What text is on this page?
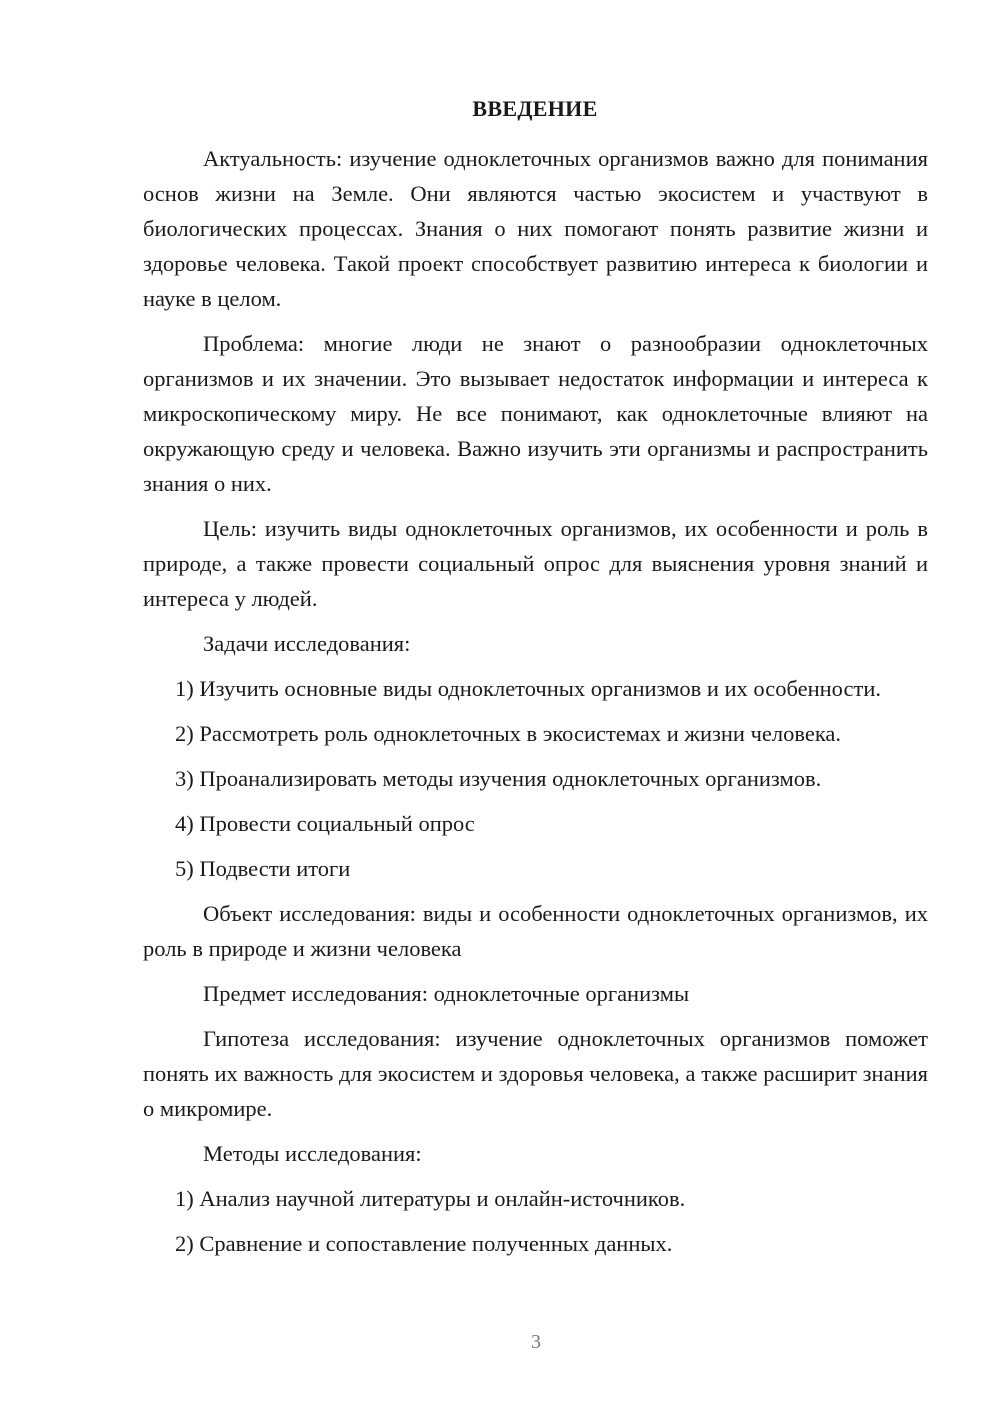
ВВЕДЕНИЕ

Актуальность: изучение одноклеточных организмов важно для понимания основ жизни на Земле. Они являются частью экосистем и участвуют в биологических процессах. Знания о них помогают понять развитие жизни и здоровье человека. Такой проект способствует развитию интереса к биологии и науке в целом.

Проблема: многие люди не знают о разнообразии одноклеточных организмов и их значении. Это вызывает недостаток информации и интереса к микроскопическому миру. Не все понимают, как одноклеточные влияют на окружающую среду и человека. Важно изучить эти организмы и распространить знания о них.

Цель: изучить виды одноклеточных организмов, их особенности и роль в природе, а также провести социальный опрос для выяснения уровня знаний и интереса у людей.

Задачи исследования:

1) Изучить основные виды одноклеточных организмов и их особенности.

2) Рассмотреть роль одноклеточных в экосистемах и жизни человека.

3) Проанализировать методы изучения одноклеточных организмов.

4) Провести социальный опрос

5) Подвести итоги

Объект исследования: виды и особенности одноклеточных организмов, их роль в природе и жизни человека

Предмет исследования: одноклеточные организмы

Гипотеза исследования: изучение одноклеточных организмов поможет понять их важность для экосистем и здоровья человека, а также расширит знания о микромире.

Методы исследования:

1) Анализ научной литературы и онлайн-источников.

2) Сравнение и сопоставление полученных данных.

3
